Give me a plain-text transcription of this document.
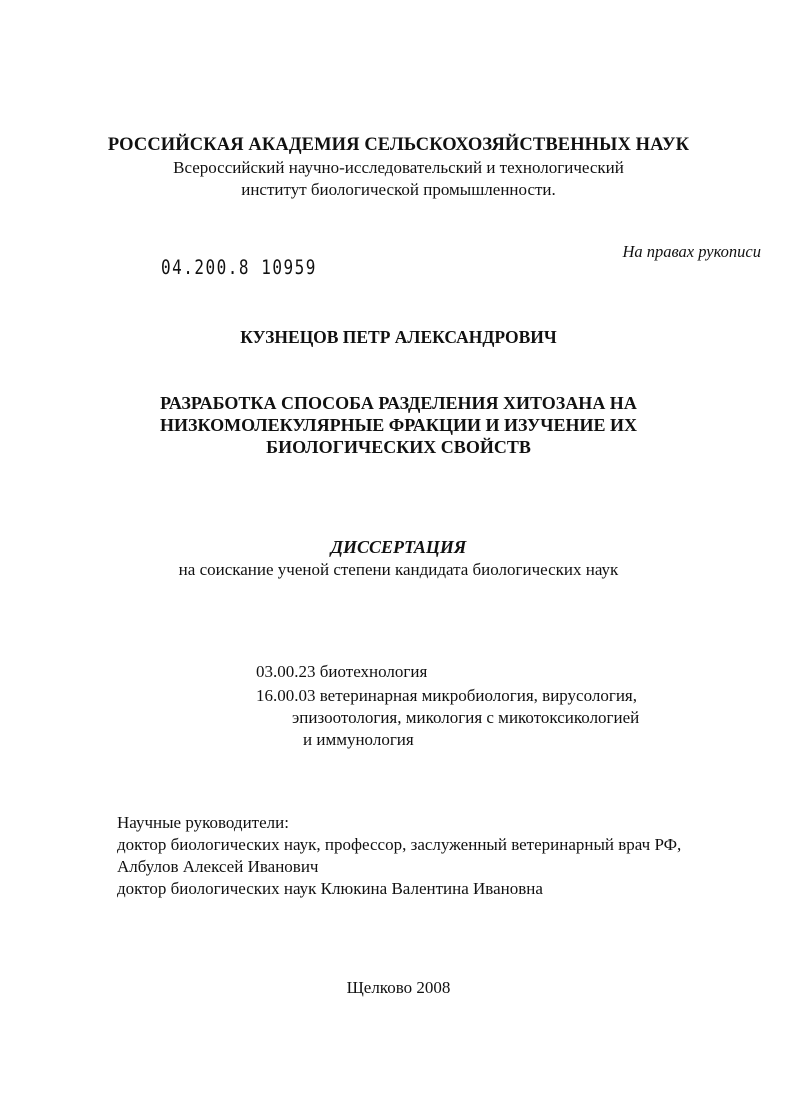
РОССИЙСКАЯ АКАДЕМИЯ СЕЛЬСКОХОЗЯЙСТВЕННЫХ НАУК
Всероссийский научно-исследовательский и технологический
институт биологической промышленности.
На правах рукописи
04.200.8 10959
КУЗНЕЦОВ ПЕТР АЛЕКСАНДРОВИЧ
РАЗРАБОТКА СПОСОБА РАЗДЕЛЕНИЯ ХИТОЗАНА НА
НИЗКОМОЛЕКУЛЯРНЫЕ ФРАКЦИИ И ИЗУЧЕНИЕ ИХ
БИОЛОГИЧЕСКИХ СВОЙСТВ
ДИССЕРТАЦИЯ
на соискание ученой степени кандидата биологических наук
03.00.23 биотехнология
16.00.03 ветеринарная микробиология, вирусология,
эпизоотология, микология с микотоксикологией
и иммунология
Научные руководители:
доктор биологических наук, профессор, заслуженный ветеринарный врач РФ,
Албулов Алексей Иванович
доктор биологических наук Клюкина Валентина Ивановна
Щелково 2008
